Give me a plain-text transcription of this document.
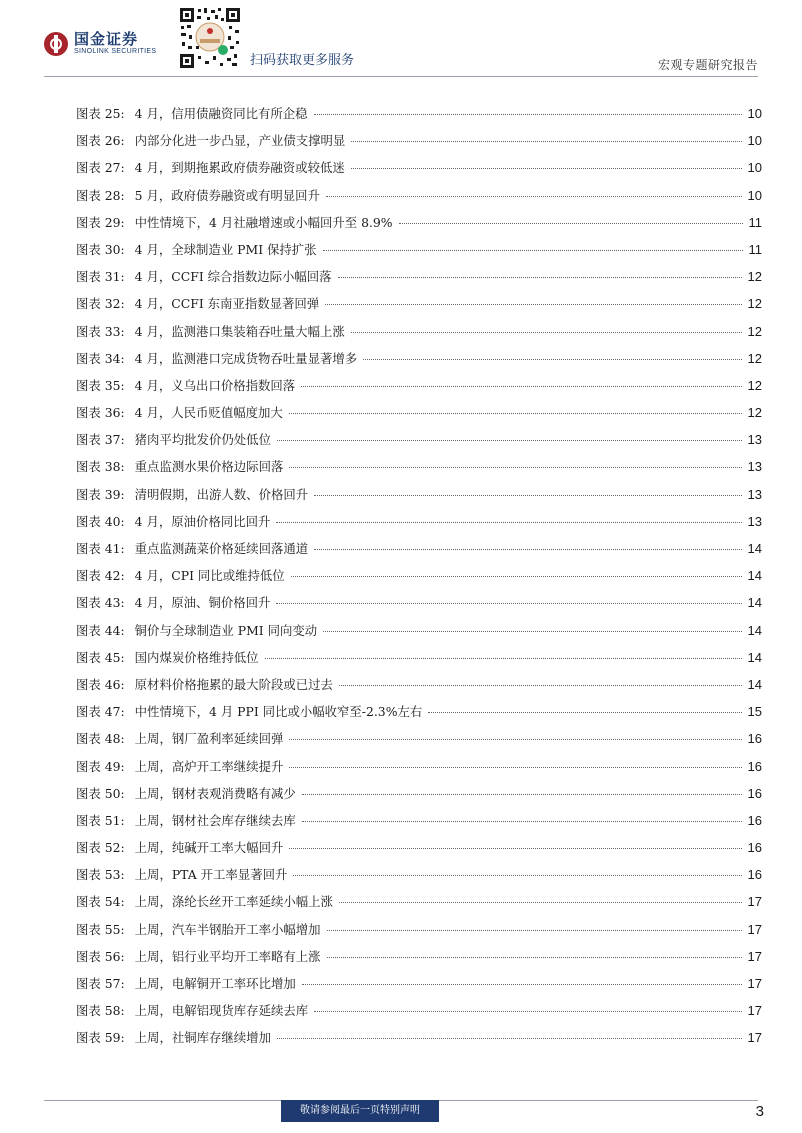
国金证券
SINOLINK SECURITIES
扫码获取更多服务	宏观专题研究报告
图表 25: 4 月，信用债融资同比有所企稳	10
图表 26: 内部分化进一步凸显，产业债支撑明显	10
图表 27: 4 月，到期拖累政府债券融资或较低迷	10
图表 28: 5 月，政府债券融资或有明显回升	10
图表 29: 中性情境下，4 月社融增速或小幅回升至 8.9%	11
图表 30: 4 月，全球制造业 PMI 保持扩张	11
图表 31: 4 月，CCFI 综合指数边际小幅回落	12
图表 32: 4 月，CCFI 东南亚指数显著回弹	12
图表 33: 4 月，监测港口集装箱吞吐量大幅上涨	12
图表 34: 4 月，监测港口完成货物吞吐量显著增多	12
图表 35: 4 月，义乌出口价格指数回落	12
图表 36: 4 月，人民币贬值幅度加大	12
图表 37: 猪肉平均批发价仍处低位	13
图表 38: 重点监测水果价格边际回落	13
图表 39: 清明假期，出游人数、价格回升	13
图表 40: 4 月，原油价格同比回升	13
图表 41: 重点监测蔬菜价格延续回落通道	14
图表 42: 4 月，CPI 同比或维持低位	14
图表 43: 4 月，原油、铜价格回升	14
图表 44: 铜价与全球制造业 PMI 同向变动	14
图表 45: 国内煤炭价格维持低位	14
图表 46: 原材料价格拖累的最大阶段或已过去	14
图表 47: 中性情境下，4 月 PPI 同比或小幅收窄至-2.3%左右	15
图表 48: 上周，钢厂盈利率延续回弹	16
图表 49: 上周，高炉开工率继续提升	16
图表 50: 上周，钢材表观消费略有减少	16
图表 51: 上周，钢材社会库存继续去库	16
图表 52: 上周，纯碱开工率大幅回升	16
图表 53: 上周，PTA 开工率显著回升	16
图表 54: 上周，涤纶长丝开工率延续小幅上涨	17
图表 55: 上周，汽车半钢胎开工率小幅增加	17
图表 56: 上周，铝行业平均开工率略有上涨	17
图表 57: 上周，电解铜开工率环比增加	17
图表 58: 上周，电解铝现货库存延续去库	17
图表 59: 上周，社铜库存继续增加	17
敬请参阅最后一页特别声明	3
